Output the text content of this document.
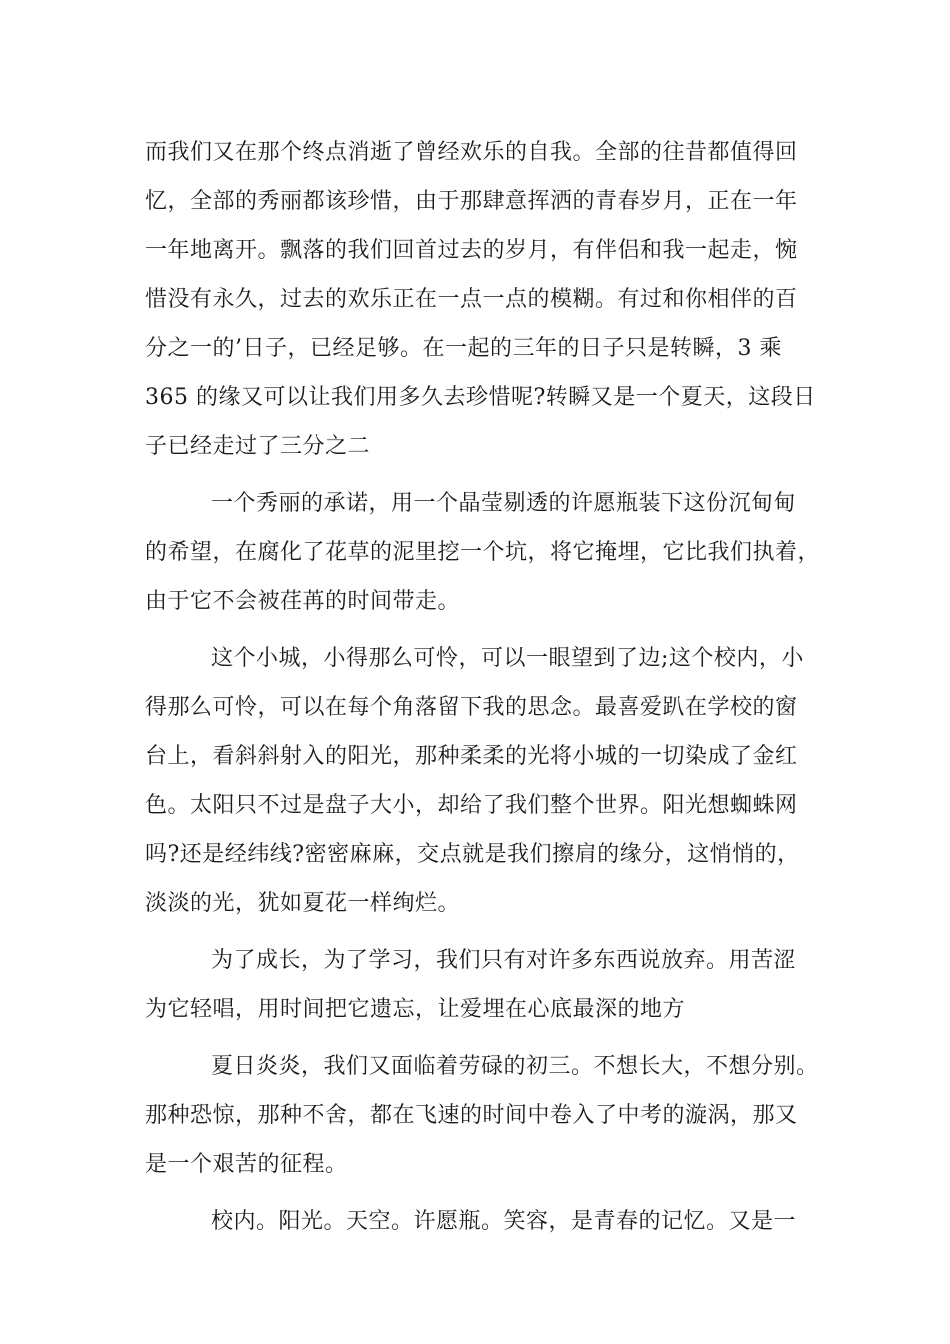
而我们又在那个终点消逝了曾经欢乐的自我。全部的往昔都值得回
忆，全部的秀丽都该珍惜，由于那肆意挥洒的青春岁月，正在一年
一年地离开。飘落的我们回首过去的岁月，有伴侣和我一起走，惋
惜没有永久，过去的欢乐正在一点一点的模糊。有过和你相伴的百
分之一的’日子，已经足够。在一起的三年的日子只是转瞬，3 乘
365 的缘又可以让我们用多久去珍惜呢?转瞬又是一个夏天，这段日
子已经走过了三分之二
一个秀丽的承诺，用一个晶莹剔透的许愿瓶装下这份沉甸甸
的希望，在腐化了花草的泥里挖一个坑，将它掩埋，它比我们执着，
由于它不会被荏苒的时间带走。
这个小城，小得那么可怜，可以一眼望到了边;这个校内，小
得那么可怜，可以在每个角落留下我的思念。最喜爱趴在学校的窗
台上，看斜斜射入的阳光，那种柔柔的光将小城的一切染成了金红
色。太阳只不过是盘子大小，却给了我们整个世界。阳光想蜘蛛网
吗?还是经纬线?密密麻麻，交点就是我们擦肩的缘分，这悄悄的，
淡淡的光，犹如夏花一样绚烂。
为了成长，为了学习，我们只有对许多东西说放弃。用苦涩
为它轻唱，用时间把它遗忘，让爱埋在心底最深的地方
夏日炎炎，我们又面临着劳碌的初三。不想长大，不想分别。
那种恐惊，那种不舍，都在飞速的时间中卷入了中考的漩涡，那又
是一个艰苦的征程。
校内。阳光。天空。许愿瓶。笑容，是青春的记忆。又是一
